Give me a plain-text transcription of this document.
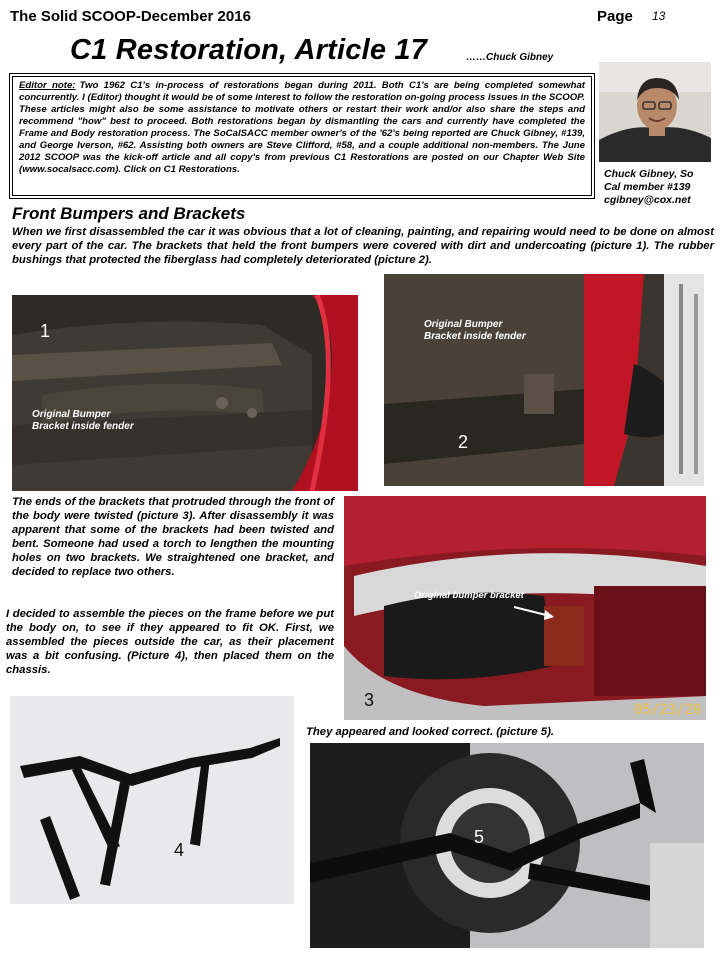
The Solid SCOOP-December 2016	Page 13
C1 Restoration, Article 17	……Chuck Gibney
Editor note: Two 1962 C1's in-process of restorations began during 2011. Both C1's are being completed somewhat concurrently. I (Editor) thought it would be of some interest to follow the restoration on-going process issues in the SCOOP. These articles might also be some assistance to motivate others or restart their work and/or also share the steps and recommend "how" best to proceed. Both restorations began by dismantling the cars and currently have completed the Frame and Body restoration process. The SoCalSACC member owner's of the '62's being reported are Chuck Gibney, #139, and George Iverson, #62. Assisting both owners are Steve Clifford, #58, and a couple additional non-members. The June 2012 SCOOP was the kick-off article and all copy's from previous C1 Restorations are posted on our Chapter Web Site (www.socalsacc.com). Click on C1 Restorations.	Chuck Gibney, So
Cal member #139
cgibney@cox.net
Front Bumpers and Brackets
When we first disassembled the car it was obvious that a lot of cleaning, painting, and repairing would need to be done on almost every part of the car. The brackets that held the front bumpers were covered with dirt and undercoating (picture 1). The rubber bushings that protected the fiberglass had completely deteriorated (picture 2).
1
Original Bumper
Bracket inside fender
Original Bumper
Bracket inside fender
2
The ends of the brackets that protruded through the front of the body were twisted (picture 3). After disassembly it was apparent that some of the brackets had been twisted and bent. Someone had used a torch to lengthen the mounting holes on two brackets. We straightened one bracket, and decided to replace two others.
I decided to assemble the pieces on the frame before we put the body on, to see if they appeared to fit OK. First, we assembled the pieces outside the car, as their placement was a bit confusing. (Picture 4), then placed them on the chassis.
Original bumper bracket
3	05/23/20
4
They appeared and looked correct. (picture 5).
5
